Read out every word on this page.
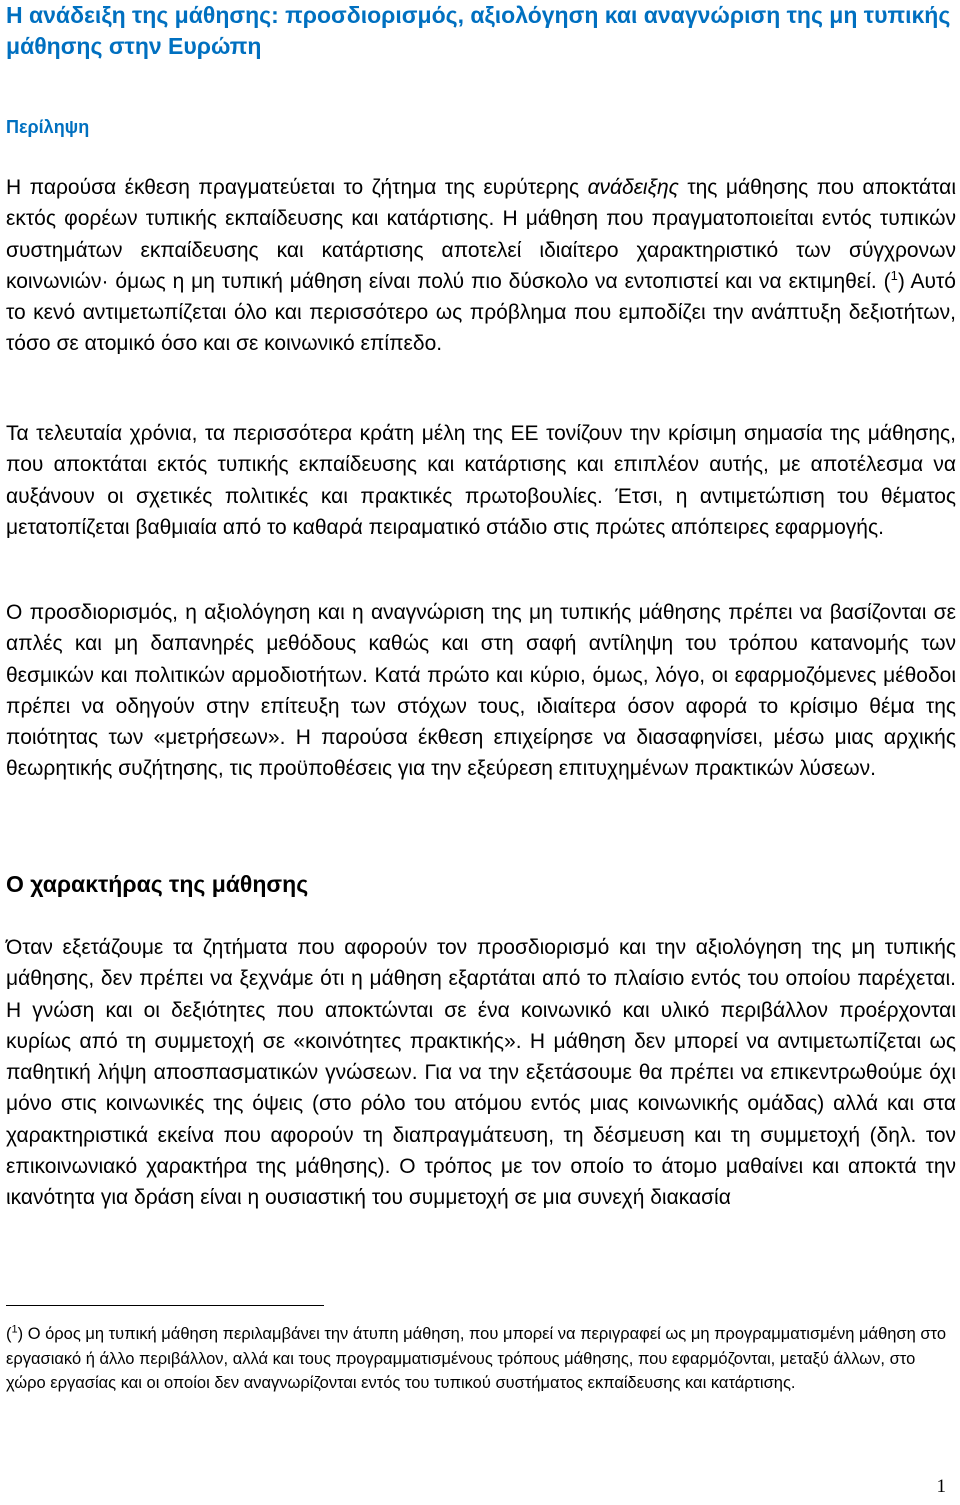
Η ανάδειξη της μάθησης: προσδιορισμός, αξιολόγηση και αναγνώριση της μη τυπικής μάθησης στην Ευρώπη
Περίληψη

Η παρούσα έκθεση πραγματεύεται το ζήτημα της ευρύτερης ανάδειξης της μάθησης που αποκτάται εκτός φορέων τυπικής εκπαίδευσης και κατάρτισης. Η μάθηση που πραγματοποιείται εντός τυπικών συστημάτων εκπαίδευσης και κατάρτισης αποτελεί ιδιαίτερο χαρακτηριστικό των σύγχρονων κοινωνιών· όμως η μη τυπική μάθηση είναι πολύ πιο δύσκολο να εντοπιστεί και να εκτιμηθεί. ($^1$) Αυτό το κενό αντιμετωπίζεται όλο και περισσότερο ως πρόβλημα που εμποδίζει την ανάπτυξη δεξιοτήτων, τόσο σε ατομικό όσο και σε κοινωνικό επίπεδο.

Τα τελευταία χρόνια, τα περισσότερα κράτη μέλη της ΕΕ τονίζουν την κρίσιμη σημασία της μάθησης, που αποκτάται εκτός τυπικής εκπαίδευσης και κατάρτισης και επιπλέον αυτής, με αποτέλεσμα να αυξάνουν οι σχετικές πολιτικές και πρακτικές πρωτοβουλίες. Έτσι, η αντιμετώπιση του θέματος μετατοπίζεται βαθμιαία από το καθαρά πειραματικό στάδιο στις πρώτες απόπειρες εφαρμογής.

Ο προσδιορισμός, η αξιολόγηση και η αναγνώριση της μη τυπικής μάθησης πρέπει να βασίζονται σε απλές και μη δαπανηρές μεθόδους καθώς και στη σαφή αντίληψη του τρόπου κατανομής των θεσμικών και πολιτικών αρμοδιοτήτων. Κατά πρώτο και κύριο, όμως, λόγο, οι εφαρμοζόμενες μέθοδοι πρέπει να οδηγούν στην επίτευξη των στόχων τους, ιδιαίτερα όσον αφορά το κρίσιμο θέμα της ποιότητας των «μετρήσεων». Η παρούσα έκθεση επιχείρησε να διασαφηνίσει, μέσω μιας αρχικής θεωρητικής συζήτησης, τις προϋποθέσεις για την εξεύρεση επιτυχημένων πρακτικών λύσεων.

Ο χαρακτήρας της μάθησης

Όταν εξετάζουμε τα ζητήματα που αφορούν τον προσδιορισμό και την αξιολόγηση της μη τυπικής μάθησης, δεν πρέπει να ξεχνάμε ότι η μάθηση εξαρτάται από το πλαίσιο εντός του οποίου παρέχεται. Η γνώση και οι δεξιότητες που αποκτώνται σε ένα κοινωνικό και υλικό περιβάλλον προέρχονται κυρίως από τη συμμετοχή σε «κοινότητες πρακτικής». Η μάθηση δεν μπορεί να αντιμετωπίζεται ως παθητική λήψη αποσπασματικών γνώσεων. Για να την εξετάσουμε θα πρέπει να επικεντρωθούμε όχι μόνο στις κοινωνικές της όψεις (στο ρόλο του ατόμου εντός μιας κοινωνικής ομάδας) αλλά και στα χαρακτηριστικά εκείνα που αφορούν τη διαπραγμάτευση, τη δέσμευση και τη συμμετοχή (δηλ. τον επικοινωνιακό χαρακτήρα της μάθησης). Ο τρόπος με τον οποίο το άτομο μαθαίνει και αποκτά την ικανότητα για δράση είναι η ουσιαστική του συμμετοχή σε μια συνεχή διακασία

($^1$) Ο όρος μη τυπική μάθηση περιλαμβάνει την άτυπη μάθηση, που μπορεί να περιγραφεί ως μη προγραμματισμένη μάθηση στο εργασιακό ή άλλο περιβάλλον, αλλά και τους προγραμματισμένους τρόπους μάθησης, που εφαρμόζονται, μεταξύ άλλων, στο χώρο εργασίας και οι οποίοι δεν αναγνωρίζονται εντός του τυπικού συστήματος εκπαίδευσης και κατάρτισης.

1
